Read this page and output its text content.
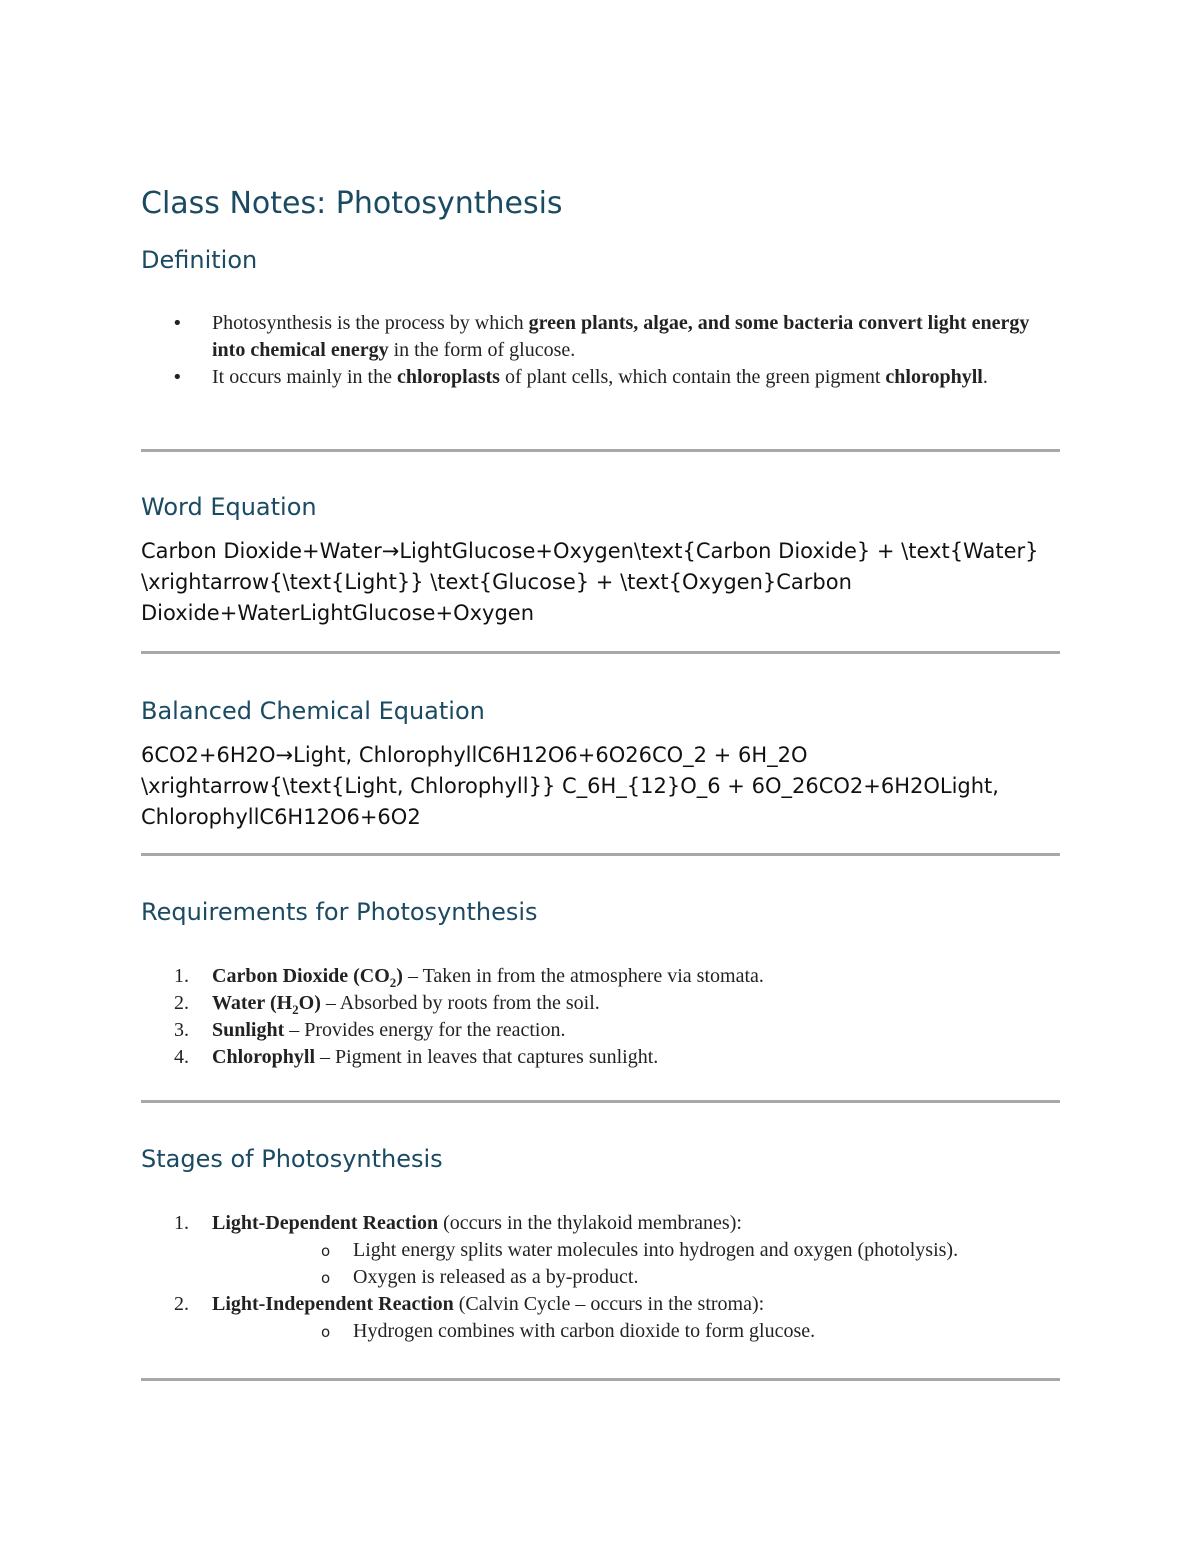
Class Notes: Photosynthesis
Definition
• Photosynthesis is the process by which green plants, algae, and some bacteria convert light energy into chemical energy in the form of glucose.
• It occurs mainly in the chloroplasts of plant cells, which contain the green pigment chlorophyll.
Word Equation
Carbon Dioxide+Water→LightGlucose+Oxygen\text{Carbon Dioxide} + \text{Water} \xrightarrow{\text{Light}} \text{Glucose} + \text{Oxygen}Carbon Dioxide+WaterLightGlucose+Oxygen
Balanced Chemical Equation
6CO2+6H2O→Light, ChlorophyllC6H12O6+6O26CO_2 + 6H_2O \xrightarrow{\text{Light, Chlorophyll}} C_6H_{12}O_6 + 6O_26CO2+6H2OLight, ChlorophyllC6H12O6+6O2
Requirements for Photosynthesis
1. Carbon Dioxide $(CO_2)$ – Taken in from the atmosphere via stomata.
2. Water $(H_2O)$ – Absorbed by roots from the soil.
3. Sunlight – Provides energy for the reaction.
4. Chlorophyll – Pigment in leaves that captures sunlight.
Stages of Photosynthesis
1. Light-Dependent Reaction (occurs in the thylakoid membranes):
o Light energy splits water molecules into hydrogen and oxygen (photolysis).
o Oxygen is released as a by-product.
2. Light-Independent Reaction (Calvin Cycle – occurs in the stroma):
o Hydrogen combines with carbon dioxide to form glucose.
